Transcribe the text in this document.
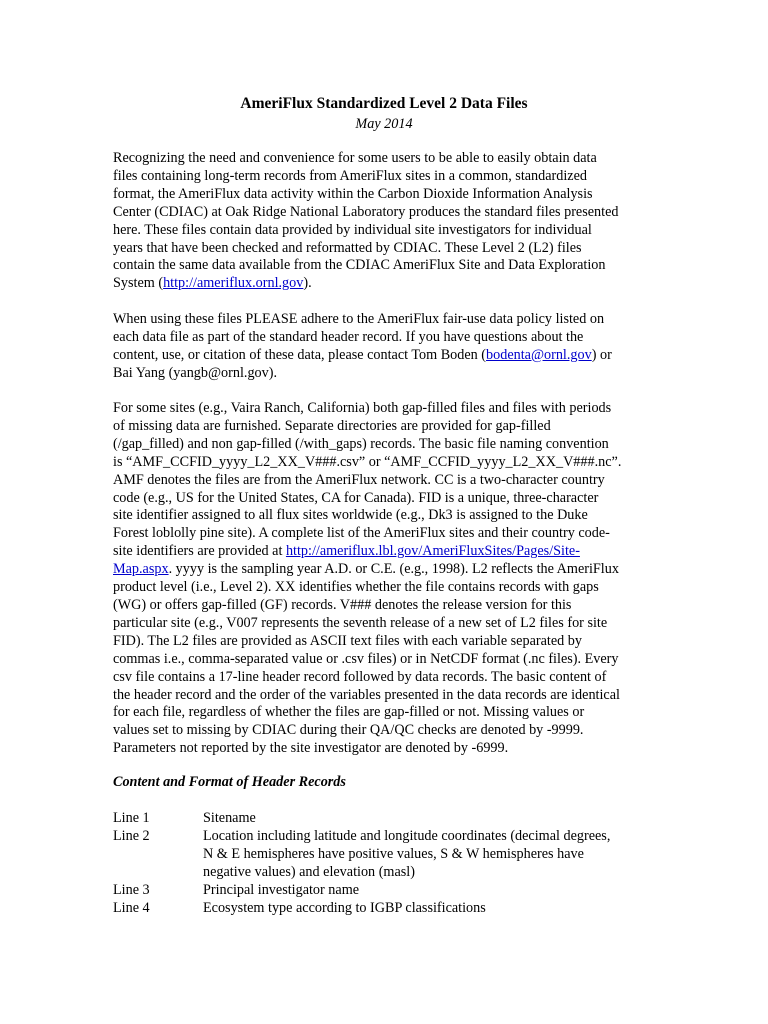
AmeriFlux Standardized Level 2 Data Files
May 2014
Recognizing the need and convenience for some users to be able to easily obtain data
files containing long-term records from AmeriFlux sites in a common, standardized
format, the AmeriFlux data activity within the Carbon Dioxide Information Analysis
Center (CDIAC) at Oak Ridge National Laboratory produces the standard files presented
here. These files contain data provided by individual site investigators for individual
years that have been checked and reformatted by CDIAC. These Level 2 (L2) files
contain the same data available from the CDIAC AmeriFlux Site and Data Exploration
System (http://ameriflux.ornl.gov).
When using these files PLEASE adhere to the AmeriFlux fair-use data policy listed on
each data file as part of the standard header record. If you have questions about the
content, use, or citation of these data, please contact Tom Boden (bodenta@ornl.gov) or
Bai Yang (yangb@ornl.gov).
For some sites (e.g., Vaira Ranch, California) both gap-filled files and files with periods
of missing data are furnished. Separate directories are provided for gap-filled
(/gap_filled) and non gap-filled (/with_gaps) records. The basic file naming convention
is “AMF_CCFID_yyyy_L2_XX_V###.csv” or “AMF_CCFID_yyyy_L2_XX_V###.nc”.
AMF denotes the files are from the AmeriFlux network. CC is a two-character country
code (e.g., US for the United States, CA for Canada). FID is a unique, three-character
site identifier assigned to all flux sites worldwide (e.g., Dk3 is assigned to the Duke
Forest loblolly pine site). A complete list of the AmeriFlux sites and their country code-
site identifiers are provided at http://ameriflux.lbl.gov/AmeriFluxSites/Pages/Site-
Map.aspx. yyyy is the sampling year A.D. or C.E. (e.g., 1998). L2 reflects the AmeriFlux
product level (i.e., Level 2). XX identifies whether the file contains records with gaps
(WG) or offers gap-filled (GF) records. V### denotes the release version for this
particular site (e.g., V007 represents the seventh release of a new set of L2 files for site
FID). The L2 files are provided as ASCII text files with each variable separated by
commas i.e., comma-separated value or .csv files) or in NetCDF format (.nc files). Every
csv file contains a 17-line header record followed by data records. The basic content of
the header record and the order of the variables presented in the data records are identical
for each file, regardless of whether the files are gap-filled or not. Missing values or
values set to missing by CDIAC during their QA/QC checks are denoted by -9999.
Parameters not reported by the site investigator are denoted by -6999.
Content and Format of Header Records
Line 1	Sitename
Line 2	Location including latitude and longitude coordinates (decimal degrees,
N & E hemispheres have positive values, S & W hemispheres have
negative values) and elevation (masl)
Line 3	Principal investigator name
Line 4	Ecosystem type according to IGBP classifications
